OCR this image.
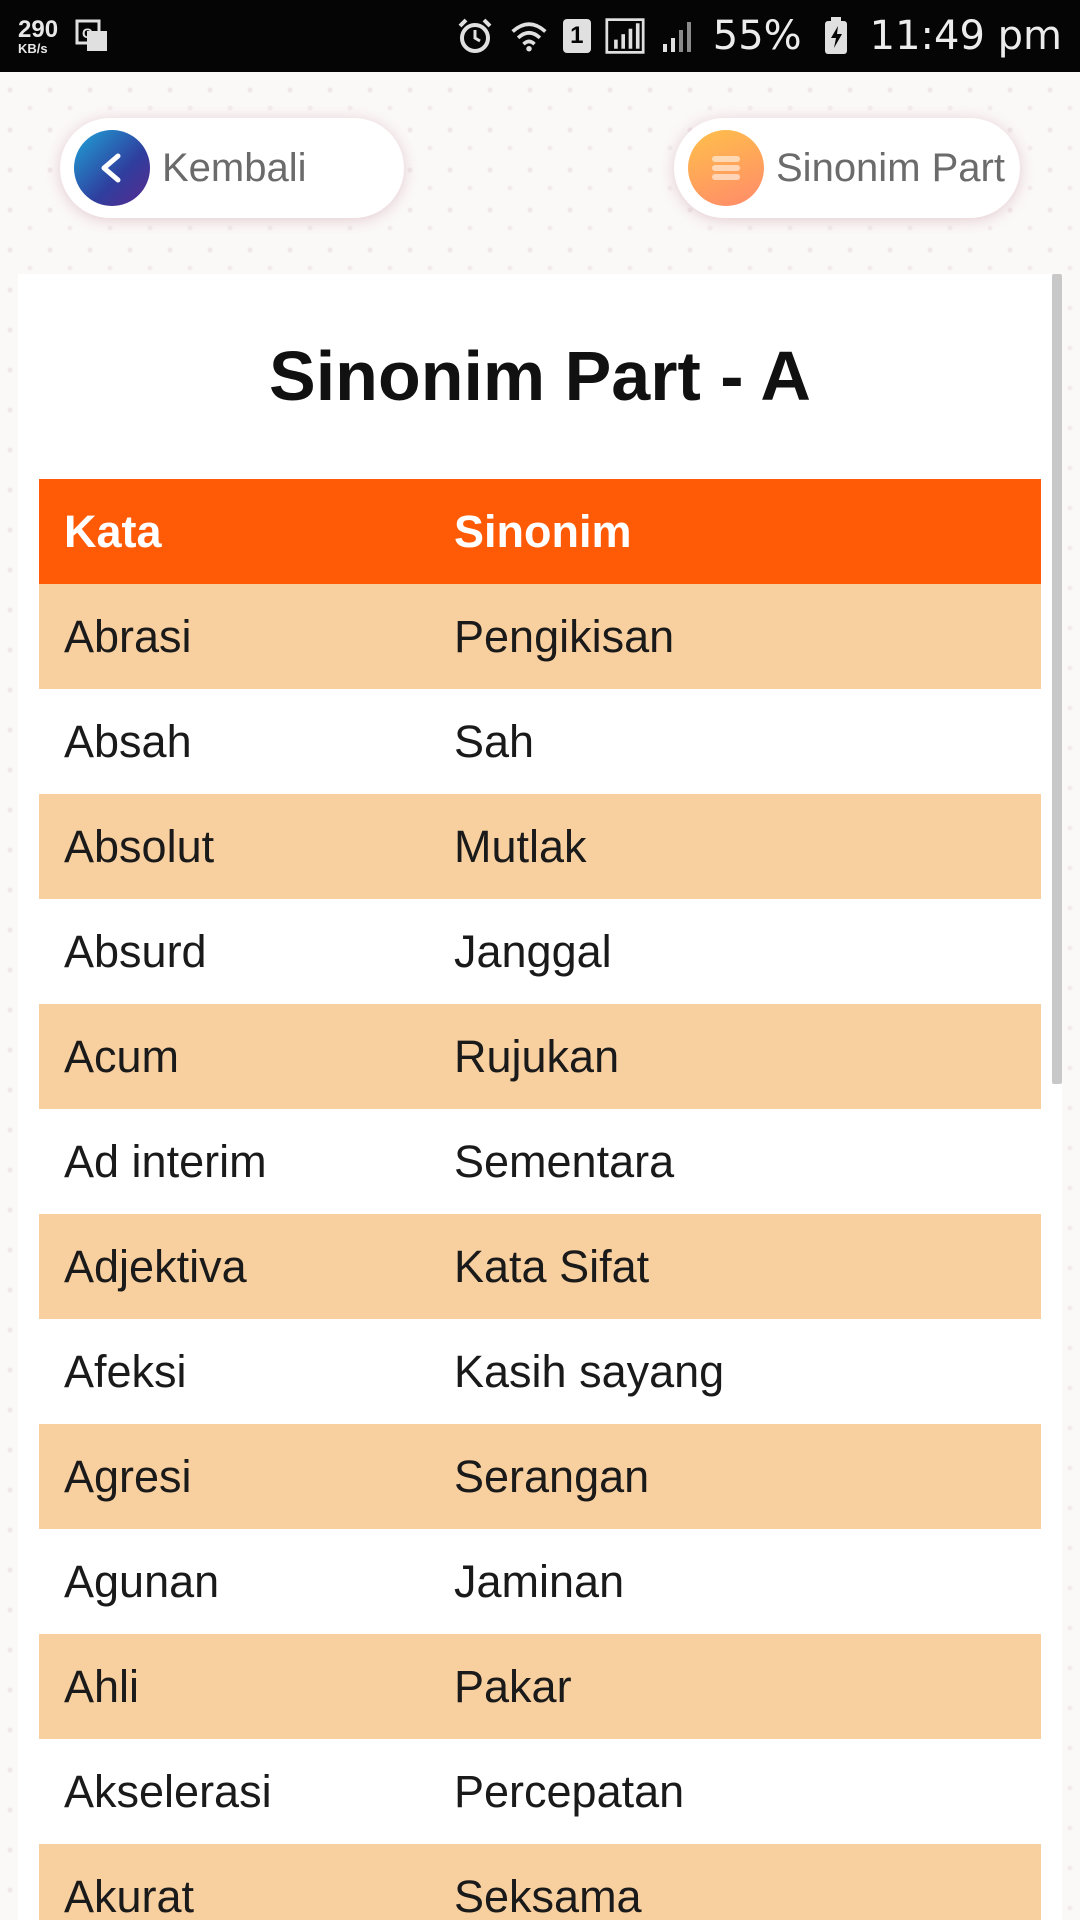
290
KB/s
G	1	55% 11:49 pm
Kembali	Sinonim Part
Sinonim Part - A
Kata	Sinonim
Abrasi	Pengikisan
Absah	Sah
Absolut	Mutlak
Absurd	Janggal
Acum	Rujukan
Ad interim	Sementara
Adjektiva	Kata Sifat
Afeksi	Kasih sayang
Agresi	Serangan
Agunan	Jaminan
Ahli	Pakar
Akselerasi	Percepatan
Akurat	Seksama
